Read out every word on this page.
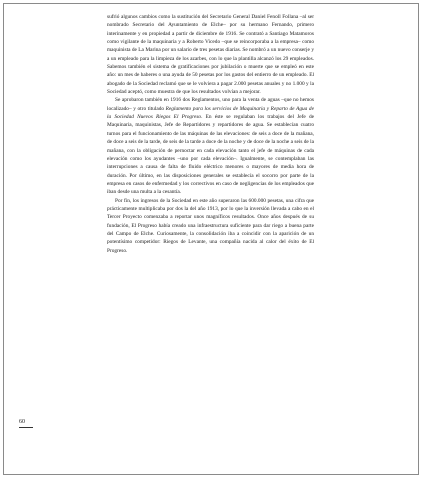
sufrió algunos cambios como la sustitución del Secretario General Daniel Fenoll Follana –al ser nombrado Secretario del Ayuntamiento de Elche– por su hermano Fernando, primero interinamente y en propiedad a partir de diciembre de 1916. Se contrató a Santiago Matamoros como vigilante de la maquinaria y a Roberto Vicedo –que se reincorporaba a la empresa– como maquinista de La Marina por un salario de tres pesetas diarias. Se nombró a un nuevo conserje y a un empleado para la limpieza de los azarbes, con lo que la plantilla alcanzó los 29 empleados. Sabemos también el sistema de gratificaciones por jubilación o muerte que se empleó en este año: un mes de haberes o una ayuda de 50 pesetas por los gastos del entierro de un empleado. El abogado de la Sociedad reclamó que se le volviera a pagar 2.000 pesetas anuales y no 1.000 y la Sociedad aceptó, como muestra de que los resultados volvían a mejorar.

Se aprobaron también en 1916 dos Reglamentos, uno para la venta de aguas –que no hemos localizado– y otro titulado Reglamento para los servicios de Maquinaria y Reparto de Agua de la Sociedad Nuevos Riegos El Progreso. En éste se regulaban los trabajos del Jefe de Maquinaria, maquinistas, Jefe de Repartidores y repartidores de agua. Se establecían cuatro turnos para el funcionamiento de las máquinas de las elevaciones: de seis a doce de la mañana, de doce a seis de la tarde, de seis de la tarde a doce de la noche y de doce de la noche a seis de la mañana, con la obligación de pernoctar en cada elevación tanto el jefe de máquinas de cada elevación como los ayudantes –uno por cada elevación–. Igualmente, se contemplaban las interrupciones a causa de falta de fluido eléctrico menores o mayores de media hora de duración. Por último, en las disposiciones generales se establecía el socorro por parte de la empresa en casos de enfermedad y los correctivos en caso de negligencias de los empleados que iban desde una multa a la cesantía.

Por fin, los ingresos de la Sociedad en este año superaron las 600.000 pesetas, una cifra que prácticamente multiplicaba por dos la del año 1913, por lo que la inversión llevada a cabo en el Tercer Proyecto comenzaba a reportar unos magníficos resultados. Once años después de su fundación, El Progreso había creado una infraestructura suficiente para dar riego a buena parte del Campo de Elche. Curiosamente, la consolidación iba a coincidir con la aparición de un potentísimo competidor: Riegos de Levante, una compañía nacida al calor del éxito de El Progreso.

60
